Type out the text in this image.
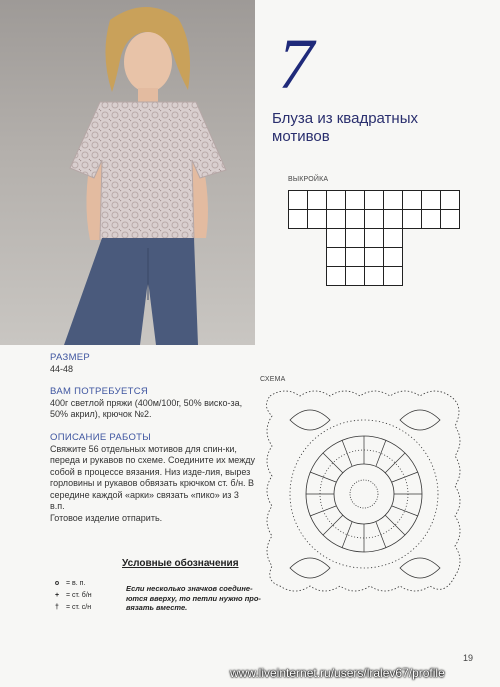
7
Блуза из квадратных мотивов
ВЫКРОЙКА
РАЗМЕР
44-48
ВАМ ПОТРЕБУЕТСЯ
400г светлой пряжи (400м/100г, 50% виско-за, 50% акрил), крючок №2.
ОПИСАНИЕ РАБОТЫ
Свяжите 56 отдельных мотивов для спин-ки, переда и рукавов по схеме. Соедините их между собой в процессе вязания. Низ изде-лия, вырез горловины и рукавов обвязать крючком ст. б/н. В середине каждой «арки» связать «пико» из 3 в.п.
Готовое изделие отпарить.
Условные обозначения
o = в. п.
+ = ст. б/н
† = ст. с/н
Если несколько значков соедине-ются вверху, то петли нужно про-вязать вместе.
СХЕМА
19
www.liveinternet.ru/users/lralev67/profile
